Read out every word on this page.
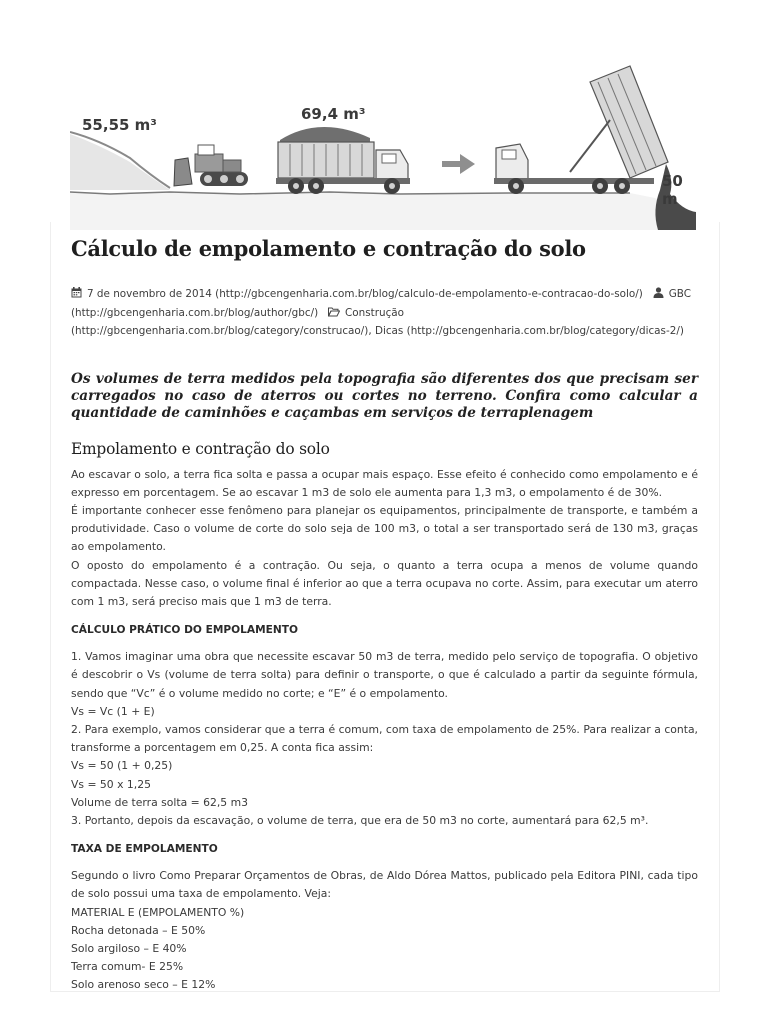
55,55 m³
69,4 m³
50 m
Cálculo de empolamento e contração do solo
7 de novembro de 2014 (http://gbcengenharia.com.br/blog/calculo-de-empolamento-e-contracao-do-solo/) GBC (http://gbcengenharia.com.br/blog/author/gbc/)	Construção (http://gbcengenharia.com.br/blog/category/construcao/), Dicas (http://gbcengenharia.com.br/blog/category/dicas-2/)

Os volumes de terra medidos pela topografia são diferentes dos que precisam ser carregados no caso de aterros ou cortes no terreno. Confira como calcular a quantidade de caminhões e caçambas em serviços de terraplenagem

Empolamento e contração do solo

Ao escavar o solo, a terra fica solta e passa a ocupar mais espaço. Esse efeito é conhecido como empolamento e é expresso em porcentagem. Se ao escavar 1 m3 de solo ele aumenta para 1,3 m3, o empolamento é de 30%.

É importante conhecer esse fenômeno para planejar os equipamentos, principalmente de transporte, e também a produtividade. Caso o volume de corte do solo seja de 100 m3, o total a ser transportado será de 130 m3, graças ao empolamento.

O oposto do empolamento é a contração. Ou seja, o quanto a terra ocupa a menos de volume quando compactada. Nesse caso, o volume final é inferior ao que a terra ocupava no corte. Assim, para executar um aterro com 1 m3, será preciso mais que 1 m3 de terra.

CÁLCULO PRÁTICO DO EMPOLAMENTO

1. Vamos imaginar uma obra que necessite escavar 50 m3 de terra, medido pelo serviço de topografia. O objetivo é descobrir o Vs (volume de terra solta) para definir o transporte, o que é calculado a partir da seguinte fórmula, sendo que “Vc” é o volume medido no corte; e “E” é o empolamento.

Vs = Vc (1 + E)

2. Para exemplo, vamos considerar que a terra é comum, com taxa de empolamento de 25%. Para realizar a conta, transforme a porcentagem em 0,25. A conta fica assim:

Vs = 50 (1 + 0,25)

Vs = 50 x 1,25

Volume de terra solta = 62,5 m3

3. Portanto, depois da escavação, o volume de terra, que era de 50 m3 no corte, aumentará para 62,5 m³.

TAXA DE EMPOLAMENTO

Segundo o livro Como Preparar Orçamentos de Obras, de Aldo Dórea Mattos, publicado pela Editora PINI, cada tipo de solo possui uma taxa de empolamento. Veja:

MATERIAL E (EMPOLAMENTO %)

Rocha detonada – E 50%

Solo argiloso – E 40%

Terra comum- E 25%

Solo arenoso seco – E 12%
